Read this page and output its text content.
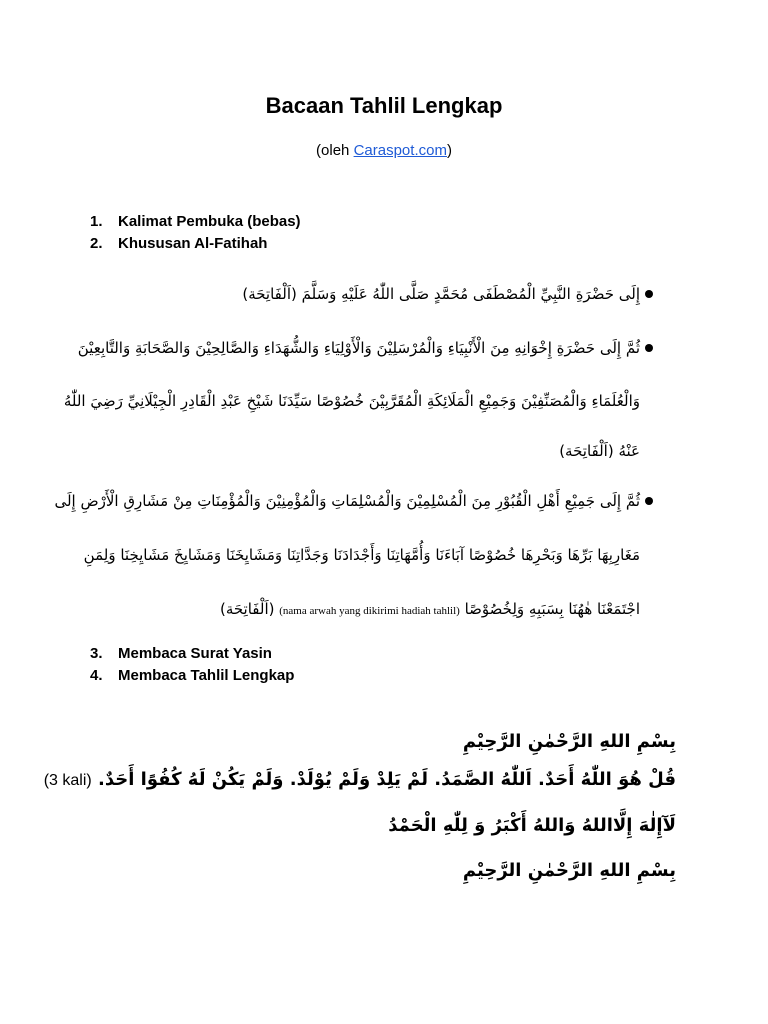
Bacaan Tahlil Lengkap
(oleh Caraspot.com)
1. Kalimat Pembuka (bebas)
2. Khususan Al-Fatihah
إِلَى حَضْرَةِ النَّبِيِّ الْمُصْطَفَى مُحَمَّدٍ صَلَّى اللّٰهُ عَلَيْهِ وَسَلَّمَ (اَلْفَاتِحَة)
ثُمَّ إِلَى حَضْرَةِ إِخْوَانِهِ مِنَ الْأَنْبِيَاءِ وَالْمُرْسَلِيْنَ وَالْأَوْلِيَاءِ وَالشُّهَدَاءِ وَالصَّالِحِيْنَ وَالصَّحَابَةِ وَالتَّابِعِيْنَ
وَالْعُلَمَاءِ وَالْمُصَنِّفِيْنَ وَجَمِيْعِ الْمَلَائِكَةِ الْمُقَرَّبِيْنَ خُصُوْصًا سَيِّدَنَا شَيْخِ عَبْدِ الْقَادِرِ الْجِيْلَانِيِّ رَضِيَ اللّٰهُ
عَنْهُ (اَلْفَاتِحَة)
ثُمَّ إِلَى جَمِيْعِ أَهْلِ الْقُبُوْرِ مِنَ الْمُسْلِمِيْنَ وَالْمُسْلِمَاتِ وَالْمُؤْمِنِيْنَ وَالْمُؤْمِنَاتِ مِنْ مَشَارِقِ الْأَرْضِ إِلَى
مَغَارِبِهَا بَرِّهَا وَبَحْرِهَا خُصُوْصًا آبَاءَنَا وَأُمَّهَاتِنَا وَأَجْدَادَنَا وَجَدَّاتِنَا وَمَشَايِخَنَا وَمَشَايِخَ مَشَايِخِنَا وَلِمَنِ
اجْتَمَعْنَا هٰهُنَا بِسَبَبِهِ وَلِخُصُوْصًا (nama arwah yang dikirimi hadiah tahlil) (اَلْفَاتِحَة)
3. Membaca Surat Yasin
4. Membaca Tahlil Lengkap
بِسْمِ اللهِ الرَّحْمٰنِ الرَّحِيْمِ
قُلْ هُوَ اللّٰهُ أَحَدٌ. اَللّٰهُ الصَّمَدُ. لَمْ يَلِدْ وَلَمْ يُوْلَدْ. وَلَمْ يَكُنْ لَهُ كُفُوًا أَحَدٌ. (3 kali)
لَآإِلٰهَ إِلَّااللهُ وَاللهُ أَكْبَرُ وَ لِلّٰهِ الْحَمْدُ
بِسْمِ اللهِ الرَّحْمٰنِ الرَّحِيْمِ
